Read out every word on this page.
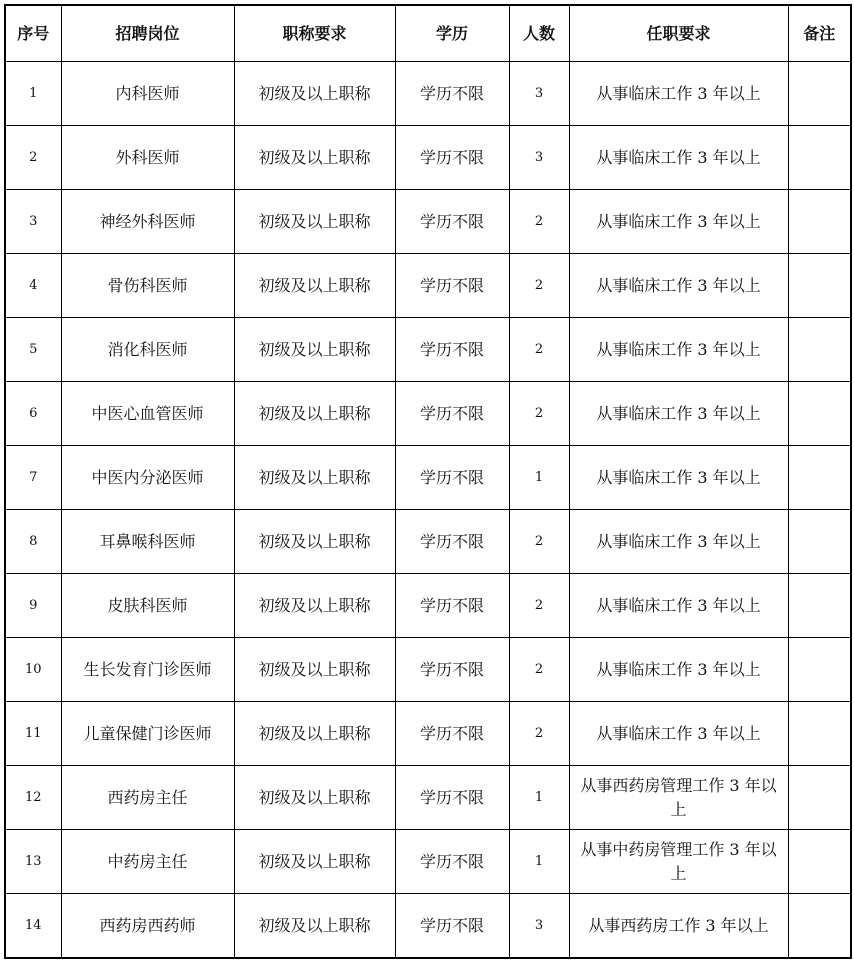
序号	招聘岗位	职称要求	学历	人数	任职要求	备注
1	内科医师	初级及以上职称	学历不限	3	从事临床工作 3 年以上	
2	外科医师	初级及以上职称	学历不限	3	从事临床工作 3 年以上	
3	神经外科医师	初级及以上职称	学历不限	2	从事临床工作 3 年以上	
4	骨伤科医师	初级及以上职称	学历不限	2	从事临床工作 3 年以上	
5	消化科医师	初级及以上职称	学历不限	2	从事临床工作 3 年以上	
6	中医心血管医师	初级及以上职称	学历不限	2	从事临床工作 3 年以上	
7	中医内分泌医师	初级及以上职称	学历不限	1	从事临床工作 3 年以上	
8	耳鼻喉科医师	初级及以上职称	学历不限	2	从事临床工作 3 年以上	
9	皮肤科医师	初级及以上职称	学历不限	2	从事临床工作 3 年以上	
10	生长发育门诊医师	初级及以上职称	学历不限	2	从事临床工作 3 年以上	
11	儿童保健门诊医师	初级及以上职称	学历不限	2	从事临床工作 3 年以上	
12	西药房主任	初级及以上职称	学历不限	1	从事西药房管理工作 3 年以上	
13	中药房主任	初级及以上职称	学历不限	1	从事中药房管理工作 3 年以上	
14	西药房西药师	初级及以上职称	学历不限	3	从事西药房工作 3 年以上	
